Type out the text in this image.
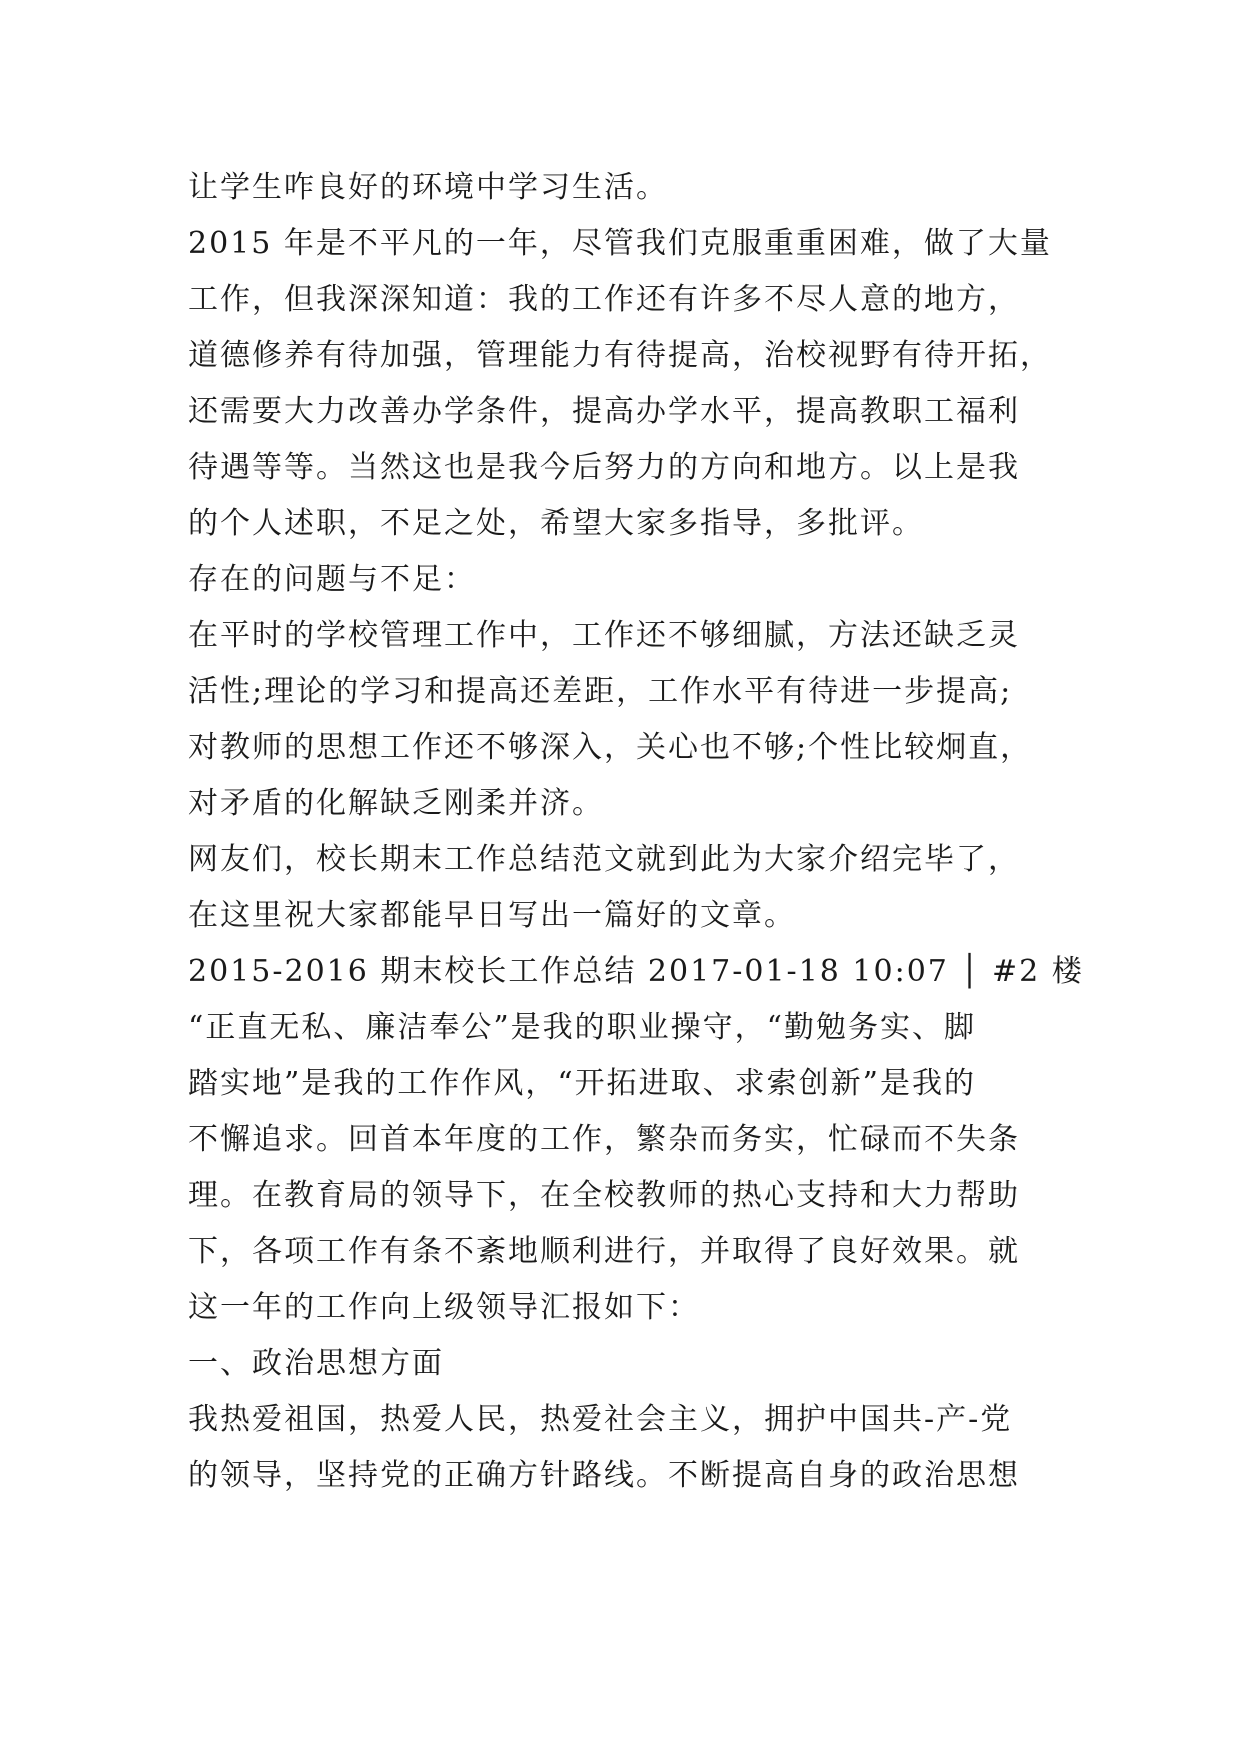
让学生咋良好的环境中学习生活。
2015 年是不平凡的一年，尽管我们克服重重困难，做了大量
工作，但我深深知道：我的工作还有许多不尽人意的地方，
道德修养有待加强，管理能力有待提高，治校视野有待开拓，
还需要大力改善办学条件，提高办学水平，提高教职工福利
待遇等等。当然这也是我今后努力的方向和地方。以上是我
的个人述职，不足之处，希望大家多指导，多批评。
存在的问题与不足：
在平时的学校管理工作中，工作还不够细腻，方法还缺乏灵
活性;理论的学习和提高还差距，工作水平有待进一步提高;
对教师的思想工作还不够深入，关心也不够;个性比较炯直，
对矛盾的化解缺乏刚柔并济。
网友们，校长期末工作总结范文就到此为大家介绍完毕了，
在这里祝大家都能早日写出一篇好的文章。
2015-2016 期末校长工作总结 2017-01-18 10:07 │ #2 楼
“正直无私、廉洁奉公”是我的职业操守，“勤勉务实、脚
踏实地”是我的工作作风，“开拓进取、求索创新”是我的
不懈追求。回首本年度的工作，繁杂而务实，忙碌而不失条
理。在教育局的领导下，在全校教师的热心支持和大力帮助
下，各项工作有条不紊地顺利进行，并取得了良好效果。就
这一年的工作向上级领导汇报如下：
一、政治思想方面
我热爱祖国，热爱人民，热爱社会主义，拥护中国共-产-党
的领导，坚持党的正确方针路线。不断提高自身的政治思想
